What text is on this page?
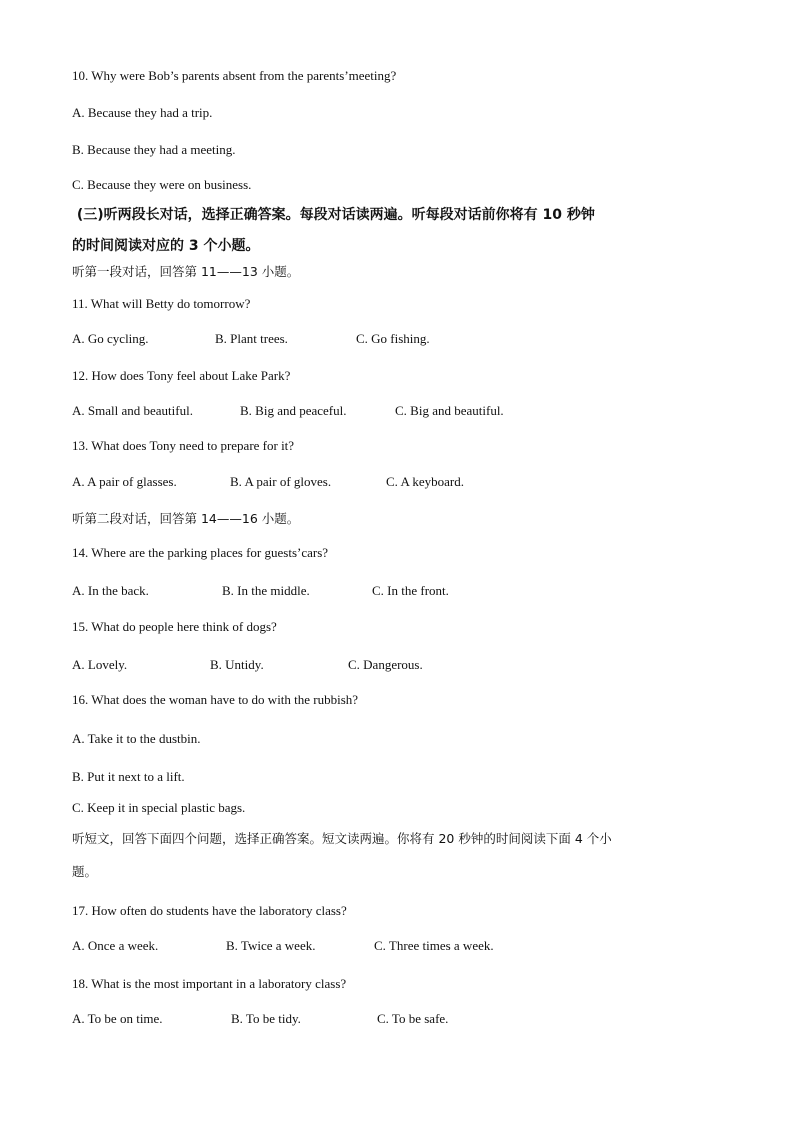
10. Why were Bob’s parents absent from the parents’meeting?
A. Because they had a trip.
B. Because they had a meeting.
C. Because they were on business.
(三)听两段长对话，选择正确答案。每段对话读两遍。听每段对话前你将有 10 秒钟
的时间阅读对应的 3 个小题。
听第一段对话，回答第 11——13 小题。
11. What will Betty do tomorrow?
A. Go cycling.	B. Plant trees.	C. Go fishing.
12. How does Tony feel about Lake Park?
A. Small and beautiful.	B. Big and peaceful.	C. Big and beautiful.
13. What does Tony need to prepare for it?
A. A pair of glasses.	B. A pair of gloves.	C. A keyboard.
听第二段对话，回答第 14——16 小题。
14. Where are the parking places for guests’cars?
A. In the back.	B. In the middle.	C. In the front.
15. What do people here think of dogs?
A. Lovely.	B. Untidy.	C. Dangerous.
16. What does the woman have to do with the rubbish?
A. Take it to the dustbin.
B. Put it next to a lift.
C. Keep it in special plastic bags.
听短文，回答下面四个问题，选择正确答案。短文读两遍。你将有 20 秒钟的时间阅读下面 4 个小
题。
17. How often do students have the laboratory class?
A. Once a week.	B. Twice a week.	C. Three times a week.
18. What is the most important in a laboratory class?
A. To be on time.	B. To be tidy.	C. To be safe.
